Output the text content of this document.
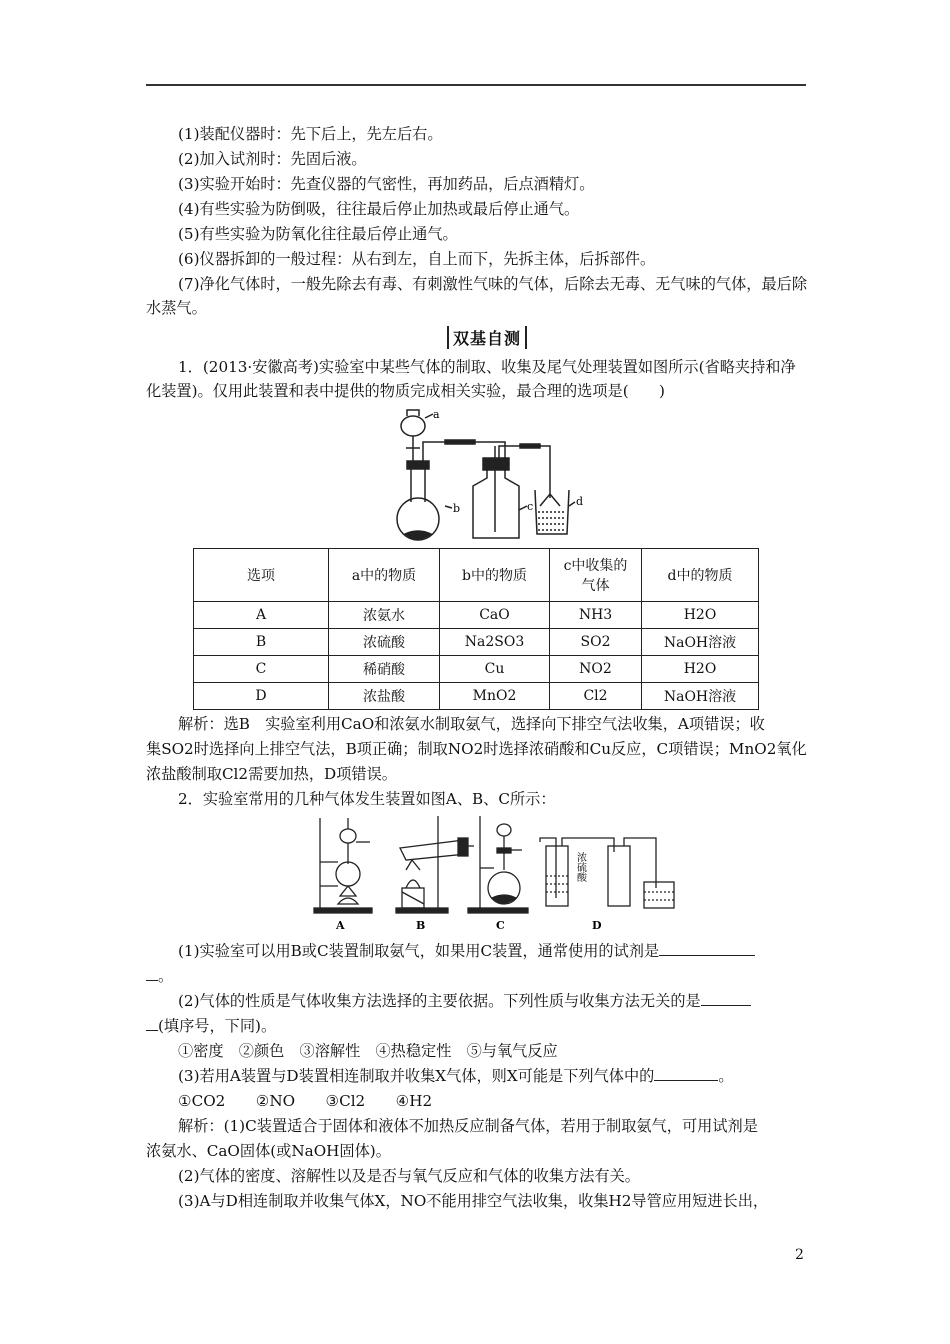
(1)装配仪器时：先下后上，先左后右。
(2)加入试剂时：先固后液。
(3)实验开始时：先查仪器的气密性，再加药品，后点酒精灯。
(4)有些实验为防倒吸，往往最后停止加热或最后停止通气。
(5)有些实验为防氧化往往最后停止通气。
(6)仪器拆卸的一般过程：从右到左，自上而下，先拆主体，后拆部件。
(7)净化气体时，一般先除去有毒、有刺激性气味的气体，后除去无毒、无气味的气体，最后除水蒸气。
双基自测
1．(2013·安徽高考)实验室中某些气体的制取、收集及尾气处理装置如图所示(省略夹持和净化装置)。仅用此装置和表中提供的物质完成相关实验，最合理的选项是(　　)
a
b	c	d
选项	a中的物质	b中的物质	c中收集的气体	d中的物质
A	浓氨水	CaO	NH3	H2O
B	浓硫酸	Na2SO3	SO2	NaOH溶液
C	稀硝酸	Cu	NO2	H2O
D	浓盐酸	MnO2	Cl2	NaOH溶液
解析：选B　实验室利用CaO和浓氨水制取氨气，选择向下排空气法收集，A项错误；收
集SO2时选择向上排空气法，B项正确；制取NO2时选择浓硝酸和Cu反应，C项错误；MnO2氧化
浓盐酸制取Cl2需要加热，D项错误。
2．实验室常用的几种气体发生装置如图A、B、C所示：
A	B	C	D
浓硫酸
(1)实验室可以用B或C装置制取氨气，如果用C装置，通常使用的试剂是
。
(2)气体的性质是气体收集方法选择的主要依据。下列性质与收集方法无关的是
(填序号，下同)。
①密度　②颜色　③溶解性　④热稳定性　⑤与氧气反应
(3)若用A装置与D装置相连制取并收集X气体，则X可能是下列气体中的	。
①CO2　　②NO　　③Cl2　　④H2
解析：(1)C装置适合于固体和液体不加热反应制备气体，若用于制取氨气，可用试剂是
浓氨水、CaO固体(或NaOH固体)。
(2)气体的密度、溶解性以及是否与氧气反应和气体的收集方法有关。
(3)A与D相连制取并收集气体X，NO不能用排空气法收集，收集H2导管应用短进长出，
2
